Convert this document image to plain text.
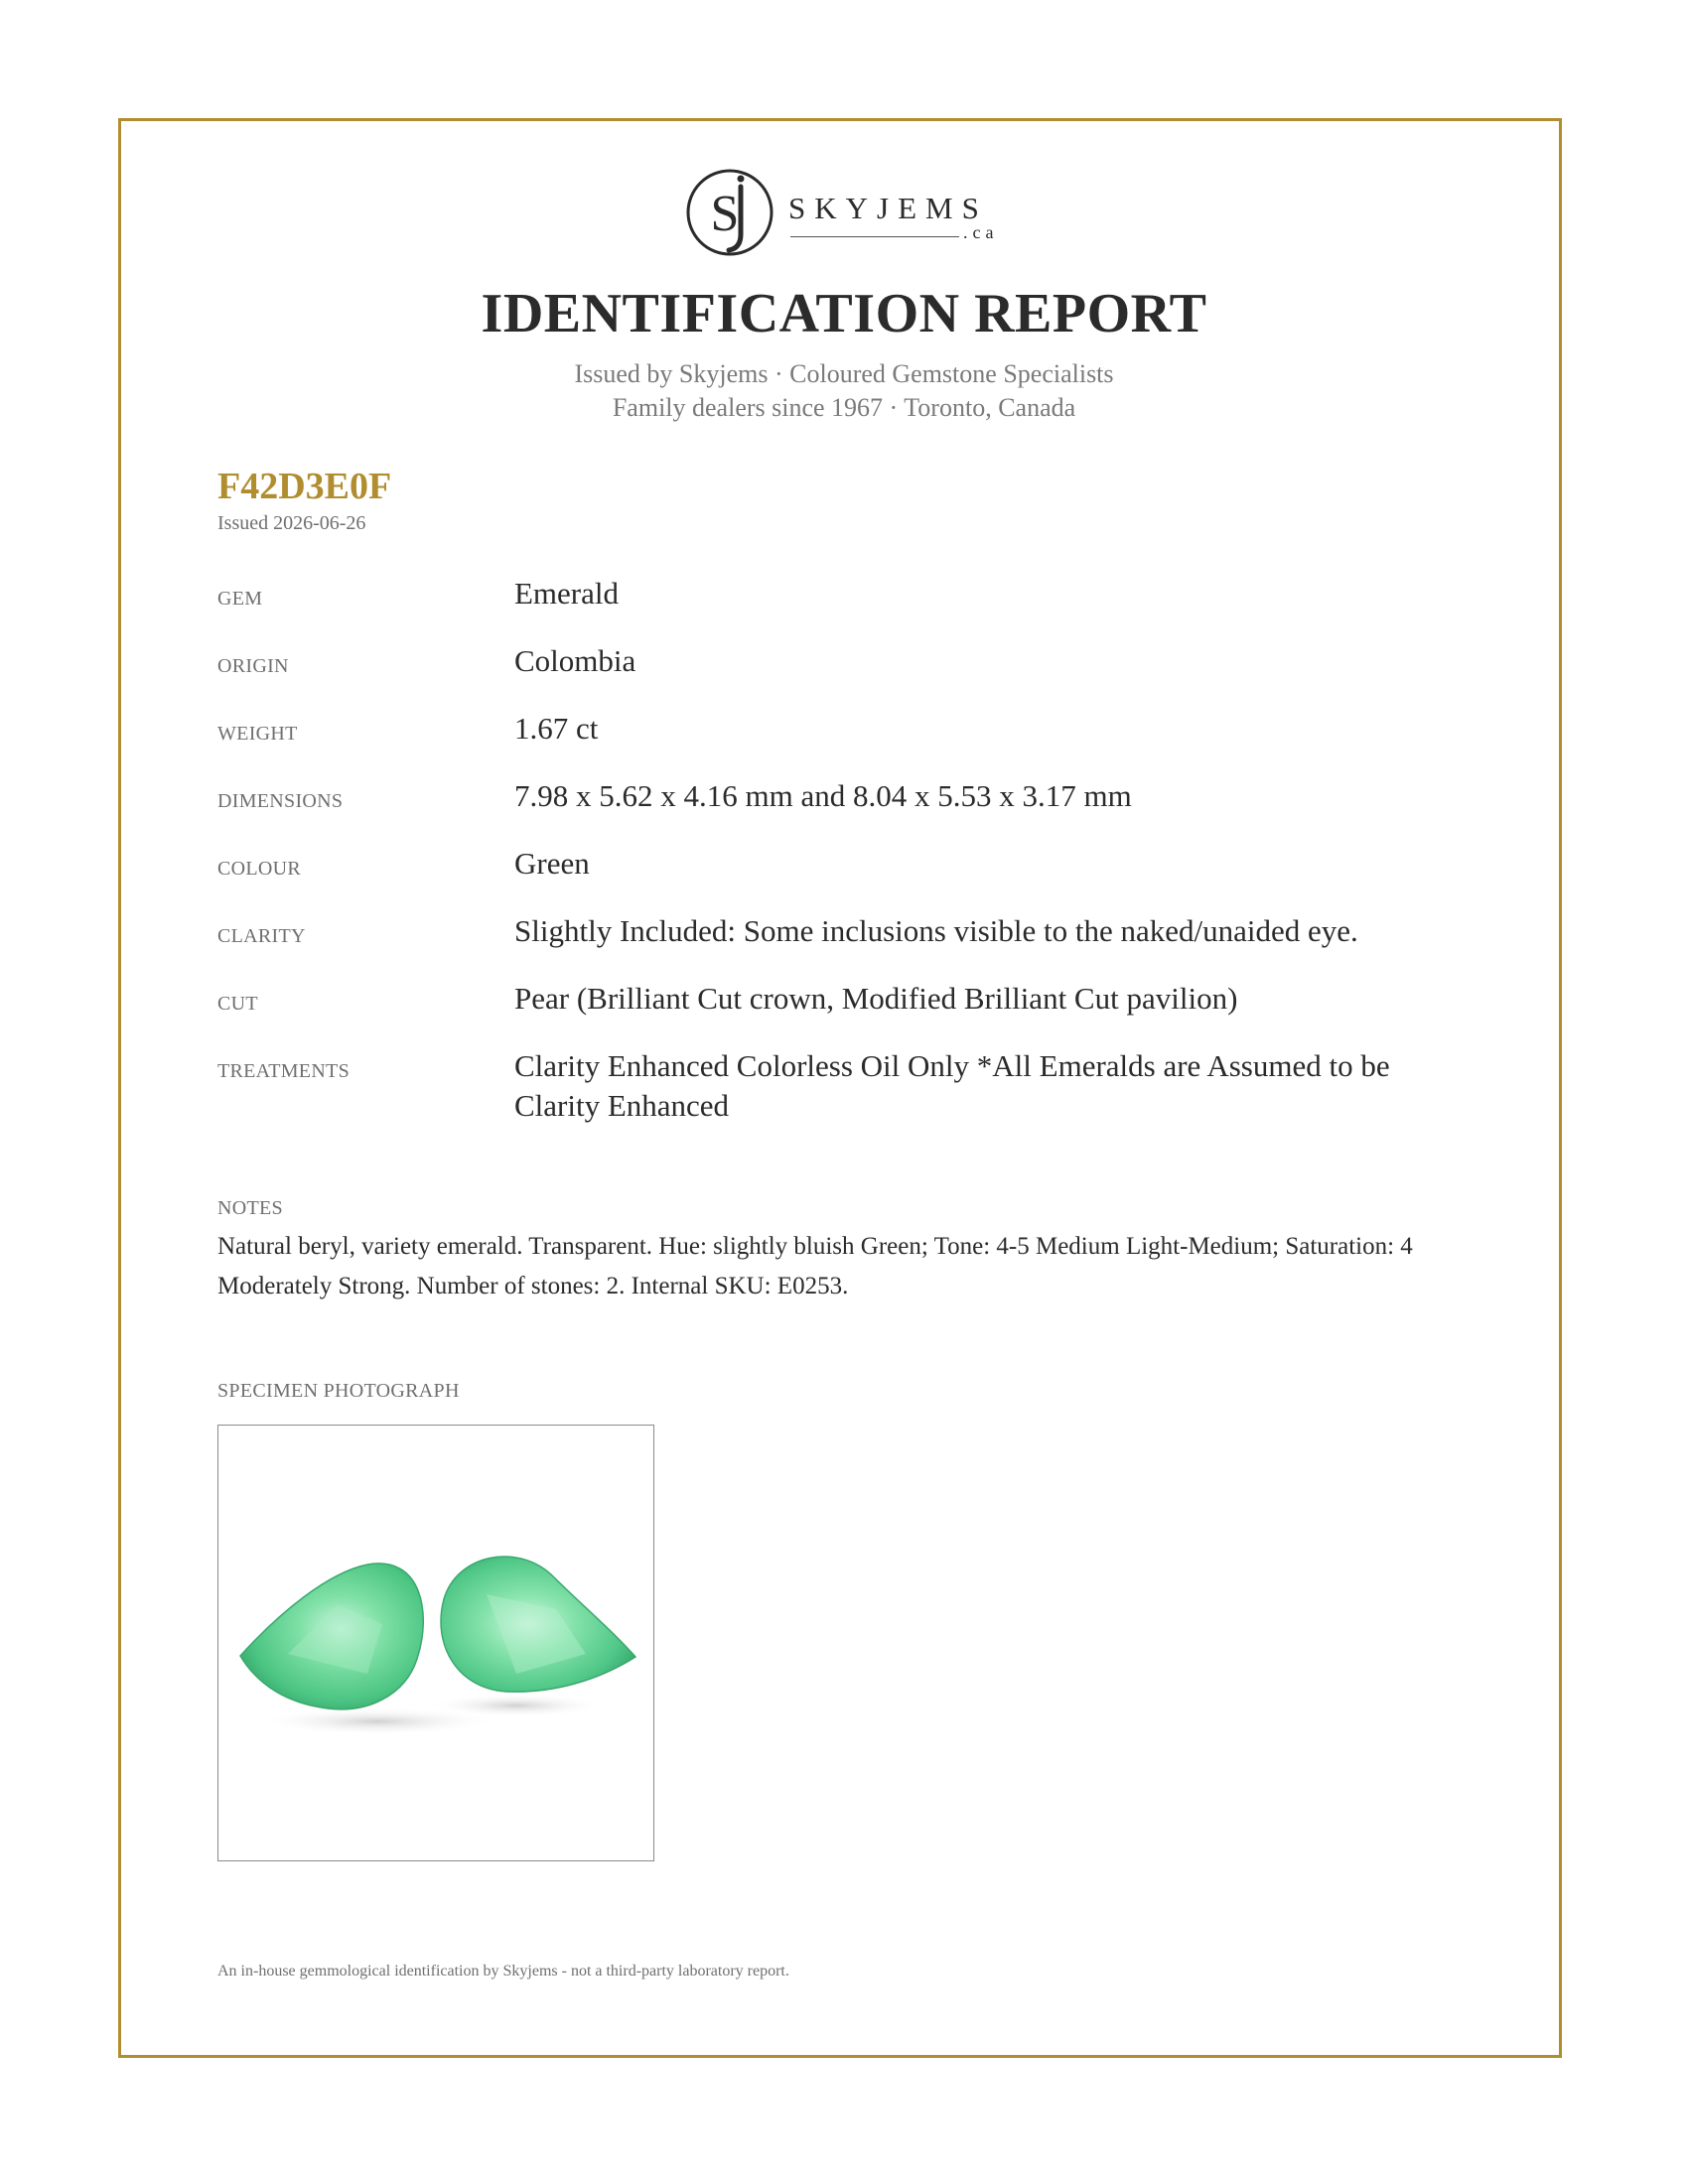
S SKYJEMS
.ca
IDENTIFICATION REPORT
Issued by Skyjems · Coloured Gemstone Specialists
Family dealers since 1967 · Toronto, Canada
F42D3E0F
Issued 2026-06-26
GEM	Emerald
ORIGIN	Colombia
WEIGHT	1.67 ct
DIMENSIONS	7.98 x 5.62 x 4.16 mm and 8.04 x 5.53 x 3.17 mm
COLOUR	Green
CLARITY	Slightly Included: Some inclusions visible to the naked/unaided eye.
CUT	Pear (Brilliant Cut crown, Modified Brilliant Cut pavilion)
TREATMENTS	Clarity Enhanced Colorless Oil Only *All Emeralds are Assumed to be Clarity Enhanced
NOTES
Natural beryl, variety emerald. Transparent. Hue: slightly bluish Green; Tone: 4-5 Medium Light-Medium; Saturation: 4 Moderately Strong. Number of stones: 2. Internal SKU: E0253.
SPECIMEN PHOTOGRAPH
An in-house gemmological identification by Skyjems - not a third-party laboratory report.
